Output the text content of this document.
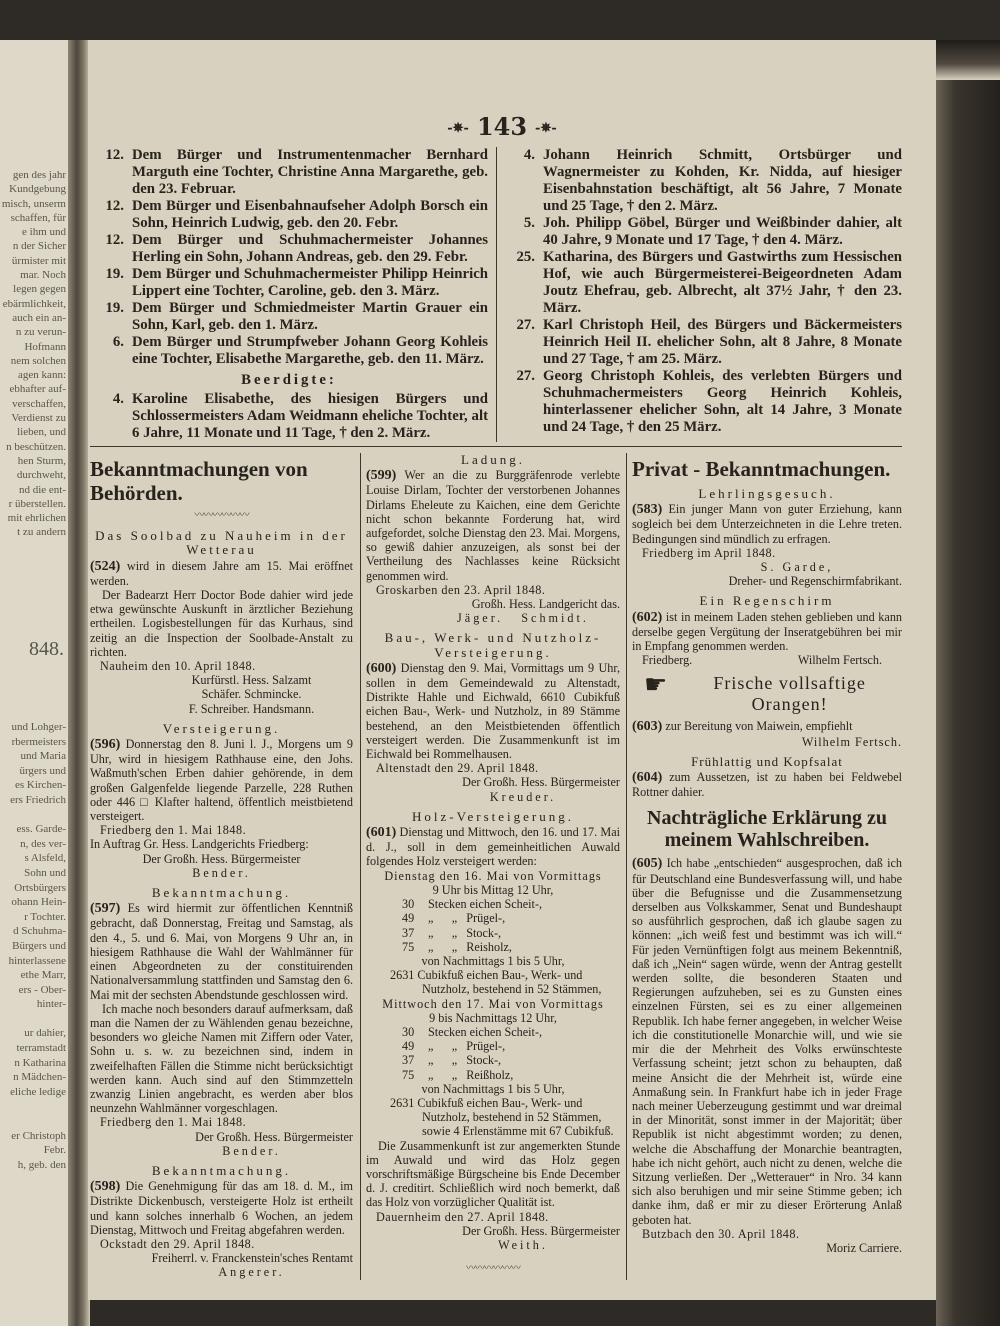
gen des jahr
Kundgebung
misch, unserm
schaffen, für
e ihm und
n der Sicher
ürmister mit
mar. Noch
legen gegen
ebärmlichkeit,
auch ein an-
n zu verun-
Hofmann
nem solchen
agen kann:
ebhafter auf-
verschaffen,
Verdienst zu
lieben, und
n beschützen.
hen Sturm,
durchweht,
nd die ent-
r überstellen.
mit ehrlichen
t zu andern
848.
und Lohger-
rbermeisters
und Maria
ürgers und
es Kirchen-
ers Friedrich
ess. Garde-
n, des ver-
s Alsfeld,
Sohn und
Ortsbürgers
ohann Hein-
r Tochter.
d Schuhma-
Bürgers und
hinterlassene
ethe Marr,
ers - Ober-
hinter-
ur dahier,
terramstadt
n Katharina
n Mädchen-
eliche ledige
er Christoph
Febr.
h, geb. den
-✵- 143 -✵-
12. Dem Bürger und Instrumentenmacher Bernhard Marguth eine Tochter, Christine Anna Margarethe, geb. den 23. Februar.
12. Dem Bürger und Eisenbahnaufseher Adolph Borsch ein Sohn, Heinrich Ludwig, geb. den 20. Febr.
12. Dem Bürger und Schuhmachermeister Johannes Herling ein Sohn, Johann Andreas, geb. den 29. Febr.
19. Dem Bürger und Schuhmachermeister Philipp Heinrich Lippert eine Tochter, Caroline, geb. den 3. März.
19. Dem Bürger und Schmiedmeister Martin Grauer ein Sohn, Karl, geb. den 1. März.
6. Dem Bürger und Strumpfweber Johann Georg Kohleis eine Tochter, Elisabethe Margarethe, geb. den 11. März.
Beerdigte:
4. Karoline Elisabethe, des hiesigen Bürgers und Schlossermeisters Adam Weidmann eheliche Tochter, alt 6 Jahre, 11 Monate und 11 Tage, † den 2. März.
4. Johann Heinrich Schmitt, Ortsbürger und Wagnermeister zu Kohden, Kr. Nidda, auf hiesiger Eisenbahnstation beschäftigt, alt 56 Jahre, 7 Monate und 25 Tage, † den 2. März.
5. Joh. Philipp Göbel, Bürger und Weißbinder dahier, alt 40 Jahre, 9 Monate und 17 Tage, † den 4. März.
25. Katharina, des Bürgers und Gastwirths zum Hessischen Hof, wie auch Bürgermeisterei-Beigeordneten Adam Joutz Ehefrau, geb. Albrecht, alt 37½ Jahr, † den 23. März.
27. Karl Christoph Heil, des Bürgers und Bäckermeisters Heinrich Heil II. ehelicher Sohn, alt 8 Jahre, 8 Monate und 27 Tage, † am 25. März.
27. Georg Christoph Kohleis, des verlebten Bürgers und Schuhmachermeisters Georg Heinrich Kohleis, hinterlassener ehelicher Sohn, alt 14 Jahre, 3 Monate und 24 Tage, † den 25 März.
Bekanntmachungen von Behörden.
〰〰〰〰〰〰
Das Soolbad zu Nauheim in der Wetterau

(524) wird in diesem Jahre am 15. Mai eröffnet werden.

Der Badearzt Herr Doctor Bode dahier wird jede etwa gewünschte Auskunft in ärztlicher Beziehung ertheilen. Logisbestellungen für das Kurhaus, sind zeitig an die Inspection der Soolbade-Anstalt zu richten.

Nauheim den 10. April 1848.

Kurfürstl. Hess. Salzamt

Schäfer. Schmincke.

F. Schreiber. Handsmann.

Versteigerung.

(596) Donnerstag den 8. Juni l. J., Morgens um 9 Uhr, wird in hiesigem Rathhause eine, den Johs. Waßmuth'schen Erben dahier gehörende, in dem großen Galgenfelde liegende Parzelle, 228 Ruthen oder 446 □ Klafter haltend, öffentlich meistbietend versteigert.

Friedberg den 1. Mai 1848.

In Auftrag Gr. Hess. Landgerichts Friedberg:

Der Großh. Hess. Bürgermeister

Bender.

Bekanntmachung.

(597) Es wird hiermit zur öffentlichen Kenntniß gebracht, daß Donnerstag, Freitag und Samstag, als den 4., 5. und 6. Mai, von Morgens 9 Uhr an, in hiesigem Rathhause die Wahl der Wahlmänner für einen Abgeordneten zu der constituirenden Nationalversammlung stattfinden und Samstag den 6. Mai mit der sechsten Abendstunde geschlossen wird.

Ich mache noch besonders darauf aufmerksam, daß man die Namen der zu Wählenden genau bezeichne, besonders wo gleiche Namen mit Ziffern oder Vater, Sohn u. s. w. zu bezeichnen sind, indem in zweifelhaften Fällen die Stimme nicht berücksichtigt werden kann. Auch sind auf den Stimmzetteln zwanzig Linien angebracht, es werden aber blos neunzehn Wahlmänner vorgeschlagen.

Friedberg den 1. Mai 1848.

Der Großh. Hess. Bürgermeister

Bender.

Bekanntmachung.

(598) Die Genehmigung für das am 18. d. M., im Distrikte Dickenbusch, versteigerte Holz ist ertheilt und kann solches innerhalb 6 Wochen, an jedem Dienstag, Mittwoch und Freitag abgefahren werden.

Ockstadt den 29. April 1848.

Freiherrl. v. Franckenstein'sches Rentamt

Angerer.

Ladung.

(599) Wer an die zu Burggräfenrode verlebte Louise Dirlam, Tochter der verstorbenen Johannes Dirlams Eheleute zu Kaichen, eine dem Gerichte nicht schon bekannte Forderung hat, wird aufgefordet, solche Dienstag den 23. Mai. Morgens, so gewiß dahier anzuzeigen, als sonst bei der Vertheilung des Nachlasses keine Rücksicht genommen wird.

Groskarben den 23. April 1848.

Großh. Hess. Landgericht das.

Jäger.   Schmidt.

Bau-, Werk- und Nutzholz-Versteigerung.

(600) Dienstag den 9. Mai, Vormittags um 9 Uhr, sollen in dem Gemeindewald zu Altenstadt, Distrikte Hahle und Eichwald, 6610 Cubikfuß eichen Bau-, Werk- und Nutzholz, in 89 Stämme bestehend, an den Meistbietenden öffentlich versteigert werden. Die Zusammenkunft ist im Eichwald bei Rommelhausen.

Altenstadt den 29. April 1848.

Der Großh. Hess. Bürgermeister

Kreuder.

Holz-Versteigerung.

(601) Dienstag und Mittwoch, den 16. und 17. Mai d. J., soll in dem gemeinheitlichen Auwald folgendes Holz versteigert werden:

Dienstag den 16. Mai von Vormittags

9 Uhr bis Mittag 12 Uhr,

30	Stecken eichen Scheit-,
49	„      „   Prügel-,
37	„      „   Stock-,
75	„      „   Reisholz,

von Nachmittags 1 bis 5 Uhr,

2631 Cubikfuß eichen Bau-, Werk- und

Nutzholz, bestehend in 52 Stämmen,

Mittwoch den 17. Mai von Vormittags

9 bis Nachmittags 12 Uhr,

30	Stecken eichen Scheit-,
49	„      „   Prügel-,
37	„      „   Stock-,
75	„      „   Reißholz,

von Nachmittags 1 bis 5 Uhr,

2631 Cubikfuß eichen Bau-, Werk- und

Nutzholz, bestehend in 52 Stämmen,

sowie 4 Erlenstämme mit 67 Cubikfuß.

Die Zusammenkunft ist zur angemerkten Stunde im Auwald und wird das Holz gegen vorschriftsmäßige Bürgscheine bis Ende December d. J. creditirt. Schließlich wird noch bemerkt, daß das Holz von vorzüglicher Qualität ist.

Dauernheim den 27. April 1848.

Der Großh. Hess. Bürgermeister

Weith.

〰〰〰〰〰〰
Privat - Bekanntmachungen.
Lehrlingsgesuch.

(583) Ein junger Mann von guter Erziehung, kann sogleich bei dem Unterzeichneten in die Lehre treten. Bedingungen sind mündlich zu erfragen.

Friedberg im April 1848.

S. Garde,

Dreher- und Regenschirmfabrikant.

Ein Regenschirm

(602) ist in meinem Laden stehen geblieben und kann derselbe gegen Vergütung der Inseratgebühren bei mir in Empfang genommen werden.

Friedberg.	Wilhelm Fertsch.

☛	Frische vollsaftige Orangen!

(603) zur Bereitung von Maiwein, empfiehlt

Wilhelm Fertsch.

Frühlattig und Kopfsalat

(604) zum Aussetzen, ist zu haben bei Feldwebel Rottner dahier.

Nachträgliche Erklärung zu meinem Wahlschreiben.

(605) Ich habe „entschieden“ ausgesprochen, daß ich für Deutschland eine Bundesverfassung will, und habe über die Befugnisse und die Zusammensetzung derselben aus Volkskammer, Senat und Bundeshaupt so ausführlich gesprochen, daß ich glaube sagen zu können: „ich weiß fest und bestimmt was ich will.“ Für jeden Vernünftigen folgt aus meinem Bekenntniß, daß ich „Nein“ sagen würde, wenn der Antrag gestellt werden sollte, die besonderen Staaten und Regierungen aufzuheben, sei es zu Gunsten eines einzelnen Fürsten, sei es zu einer allgemeinen Republik. Ich habe ferner angegeben, in welcher Weise ich die constitutionelle Monarchie will, und wie sie mir die der Mehrheit des Volks erwünschteste Verfassung scheint; jetzt schon zu behaupten, daß meine Ansicht die der Mehrheit ist, würde eine Anmaßung sein. In Frankfurt habe ich in jeder Frage nach meiner Ueberzeugung gestimmt und war dreimal in der Minorität, sonst immer in der Majorität; über Republik ist nicht abgestimmt worden; zu denen, welche die Abschaffung der Monarchie beantragten, habe ich nicht gehört, auch nicht zu denen, welche die Sitzung verließen. Der „Wetterauer“ in Nro. 34 kann sich also beruhigen und mir seine Stimme geben; ich danke ihm, daß er mir zu dieser Erörterung Anlaß geboten hat.

Butzbach den 30. April 1848.

Moriz Carriere.
